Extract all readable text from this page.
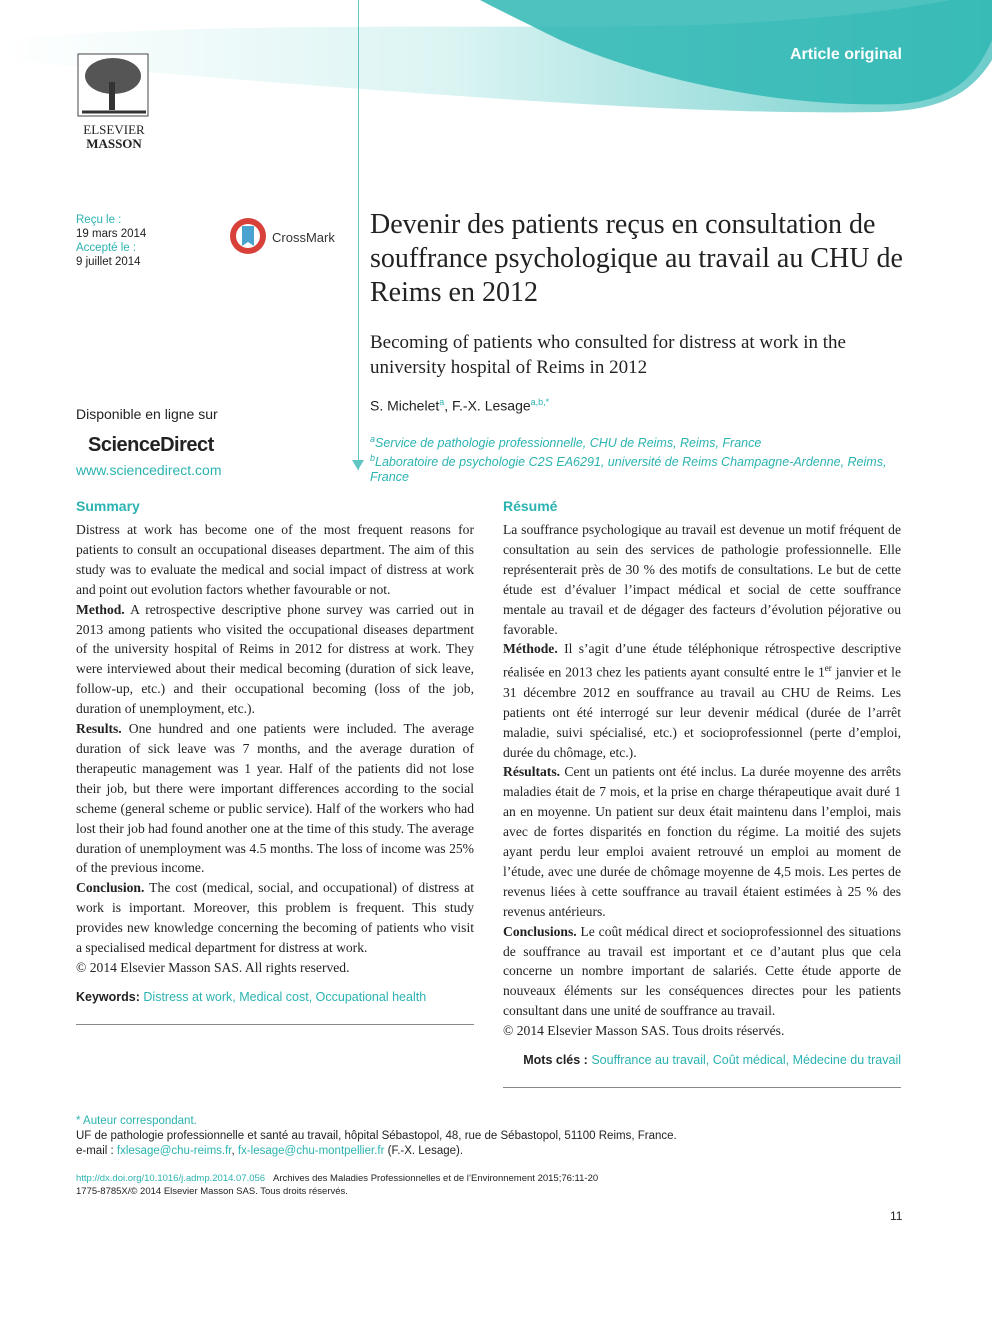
Article original
ELSEVIER
MASSON
Reçu le :
19 mars 2014
Accepté le :
9 juillet 2014
CrossMark Devenir des patients reçus en consultation de souffrance psychologique au travail au CHU de Reims en 2012
Becoming of patients who consulted for distress at work in the university hospital of Reims in 2012
S. Michelet$^a$, F.-X. Lesage$^{a,b,*}$
$^a$Service de pathologie professionnelle, CHU de Reims, Reims, France
$^b$Laboratoire de psychologie C2S EA6291, université de Reims Champagne-Ardenne, Reims, France
Disponible en ligne sur
ScienceDirect
www.sciencedirect.com
Summary

Distress at work has become one of the most frequent reasons for patients to consult an occupational diseases department. The aim of this study was to evaluate the medical and social impact of distress at work and point out evolution factors whether favourable or not.

Method. A retrospective descriptive phone survey was carried out in 2013 among patients who visited the occupational diseases department of the university hospital of Reims in 2012 for distress at work. They were interviewed about their medical becoming (duration of sick leave, follow-up, etc.) and their occupational becoming (loss of the job, duration of unemployment, etc.).

Results. One hundred and one patients were included. The average duration of sick leave was 7 months, and the average duration of therapeutic management was 1 year. Half of the patients did not lose their job, but there were important differences according to the social scheme (general scheme or public service). Half of the workers who had lost their job had found another one at the time of this study. The average duration of unemployment was 4.5 months. The loss of income was 25% of the previous income.

Conclusion. The cost (medical, social, and occupational) of distress at work is important. Moreover, this problem is frequent. This study provides new knowledge concerning the becoming of patients who visit a specialised medical department for distress at work.

© 2014 Elsevier Masson SAS. All rights reserved.

Keywords: Distress at work, Medical cost, Occupational health
Résumé

La souffrance psychologique au travail est devenue un motif fréquent de consultation au sein des services de pathologie professionnelle. Elle représenterait près de 30 % des motifs de consultations. Le but de cette étude est d’évaluer l’impact médical et social de cette souffrance mentale au travail et de dégager des facteurs d’évolution péjorative ou favorable.

Méthode. Il s’agit d’une étude téléphonique rétrospective descriptive réalisée en 2013 chez les patients ayant consulté entre le 1er janvier et le 31 décembre 2012 en souffrance au travail au CHU de Reims. Les patients ont été interrogé sur leur devenir médical (durée de l’arrêt maladie, suivi spécialisé, etc.) et socioprofessionnel (perte d’emploi, durée du chômage, etc.).

Résultats. Cent un patients ont été inclus. La durée moyenne des arrêts maladies était de 7 mois, et la prise en charge thérapeutique avait duré 1 an en moyenne. Un patient sur deux était maintenu dans l’emploi, mais avec de fortes disparités en fonction du régime. La moitié des sujets ayant perdu leur emploi avaient retrouvé un emploi au moment de l’étude, avec une durée de chômage moyenne de 4,5 mois. Les pertes de revenus liées à cette souffrance au travail étaient estimées à 25 % des revenus antérieurs.

Conclusions. Le coût médical direct et socioprofessionnel des situations de souffrance au travail est important et ce d’autant plus que cela concerne un nombre important de salariés. Cette étude apporte de nouveaux éléments sur les conséquences directes pour les patients consultant dans une unité de souffrance au travail.

© 2014 Elsevier Masson SAS. Tous droits réservés.

Mots clés : Souffrance au travail, Coût médical, Médecine du travail
* Auteur correspondant.
UF de pathologie professionnelle et santé au travail, hôpital Sébastopol, 48, rue de Sébastopol, 51100 Reims, France.
e-mail : fxlesage@chu-reims.fr, fx-lesage@chu-montpellier.fr (F.-X. Lesage).
http://dx.doi.org/10.1016/j.admp.2014.07.056 Archives des Maladies Professionnelles et de l’Environnement 2015;76:11-20
1775-8785X/© 2014 Elsevier Masson SAS. Tous droits réservés.
11
